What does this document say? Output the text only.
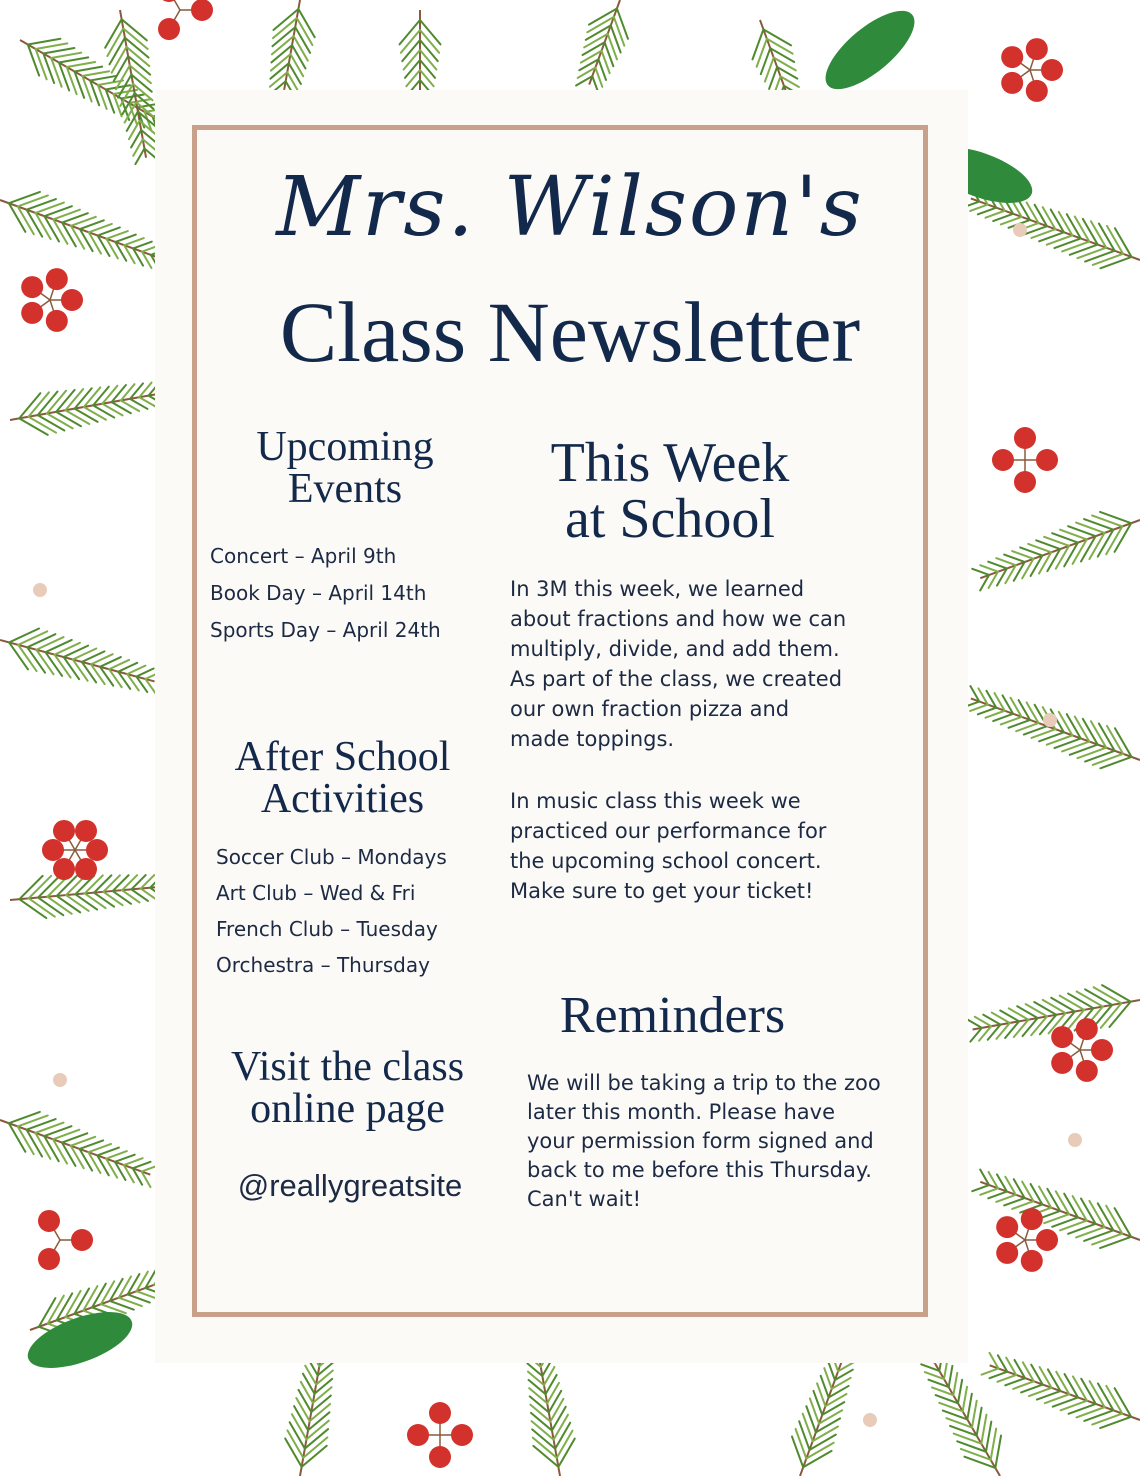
Mrs. Wilson's
Class Newsletter
Upcoming
Events
Concert – April 9th
Book Day – April 14th
Sports Day – April 24th
After School
Activities
Soccer Club – Mondays
Art Club – Wed & Fri
French Club – Tuesday
Orchestra – Thursday
Visit the class
online page

@reallygreatsite

This Week
at School

In 3M this week, we learned about fractions and how we can multiply, divide, and add them. As part of the class, we created our own fraction pizza and made toppings.

In music class this week we practiced our performance for the upcoming school concert. Make sure to get your ticket!

Reminders

We will be taking a trip to the zoo later this month. Please have your permission form signed and back to me before this Thursday. Can't wait!
